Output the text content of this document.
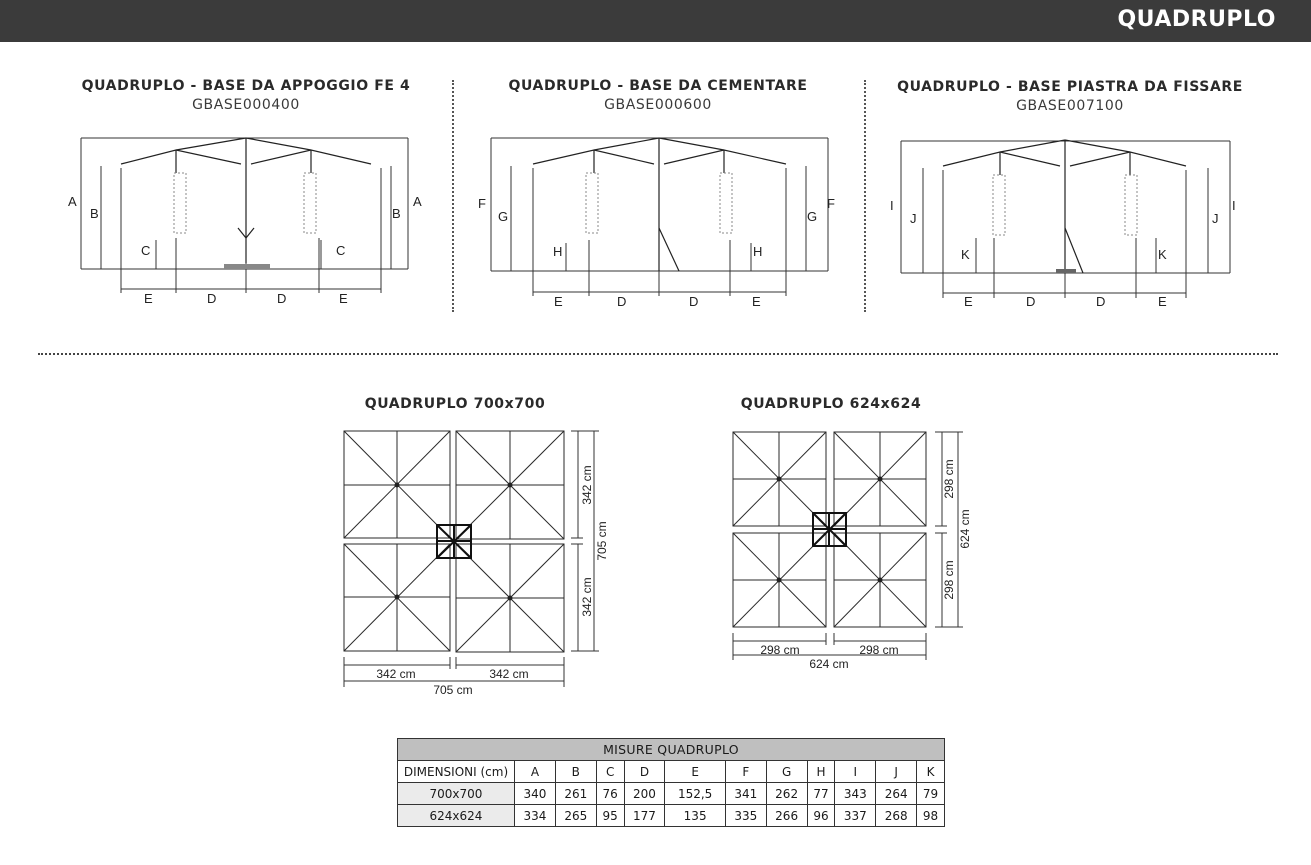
QUADRUPLO
QUADRUPLO - BASE DA APPOGGIO FE 4
GBASE000400
QUADRUPLO - BASE DA CEMENTARE
GBASE000600
QUADRUPLO - BASE PIASTRA DA FISSARE
GBASE007100
A
B
C	C
B
A
E	D	D	E
F
G
H	H
G
F
E	D	D	E
I
J
K	K
J
I
E	D	D	E
QUADRUPLO 700x700	QUADRUPLO 624x624
342 cm	342 cm
705 cm
342 cm
342 cm
705 cm
298 cm	298 cm
624 cm
298 cm
298 cm
624 cm
MISURE QUADRUPLO											
DIMENSIONI (cm)	A	B	C	D	E	F	G	H	I	J	K
700x700	340	261	76	200	152,5	341	262	77	343	264	79
624x624	334	265	95	177	135	335	266	96	337	268	98
